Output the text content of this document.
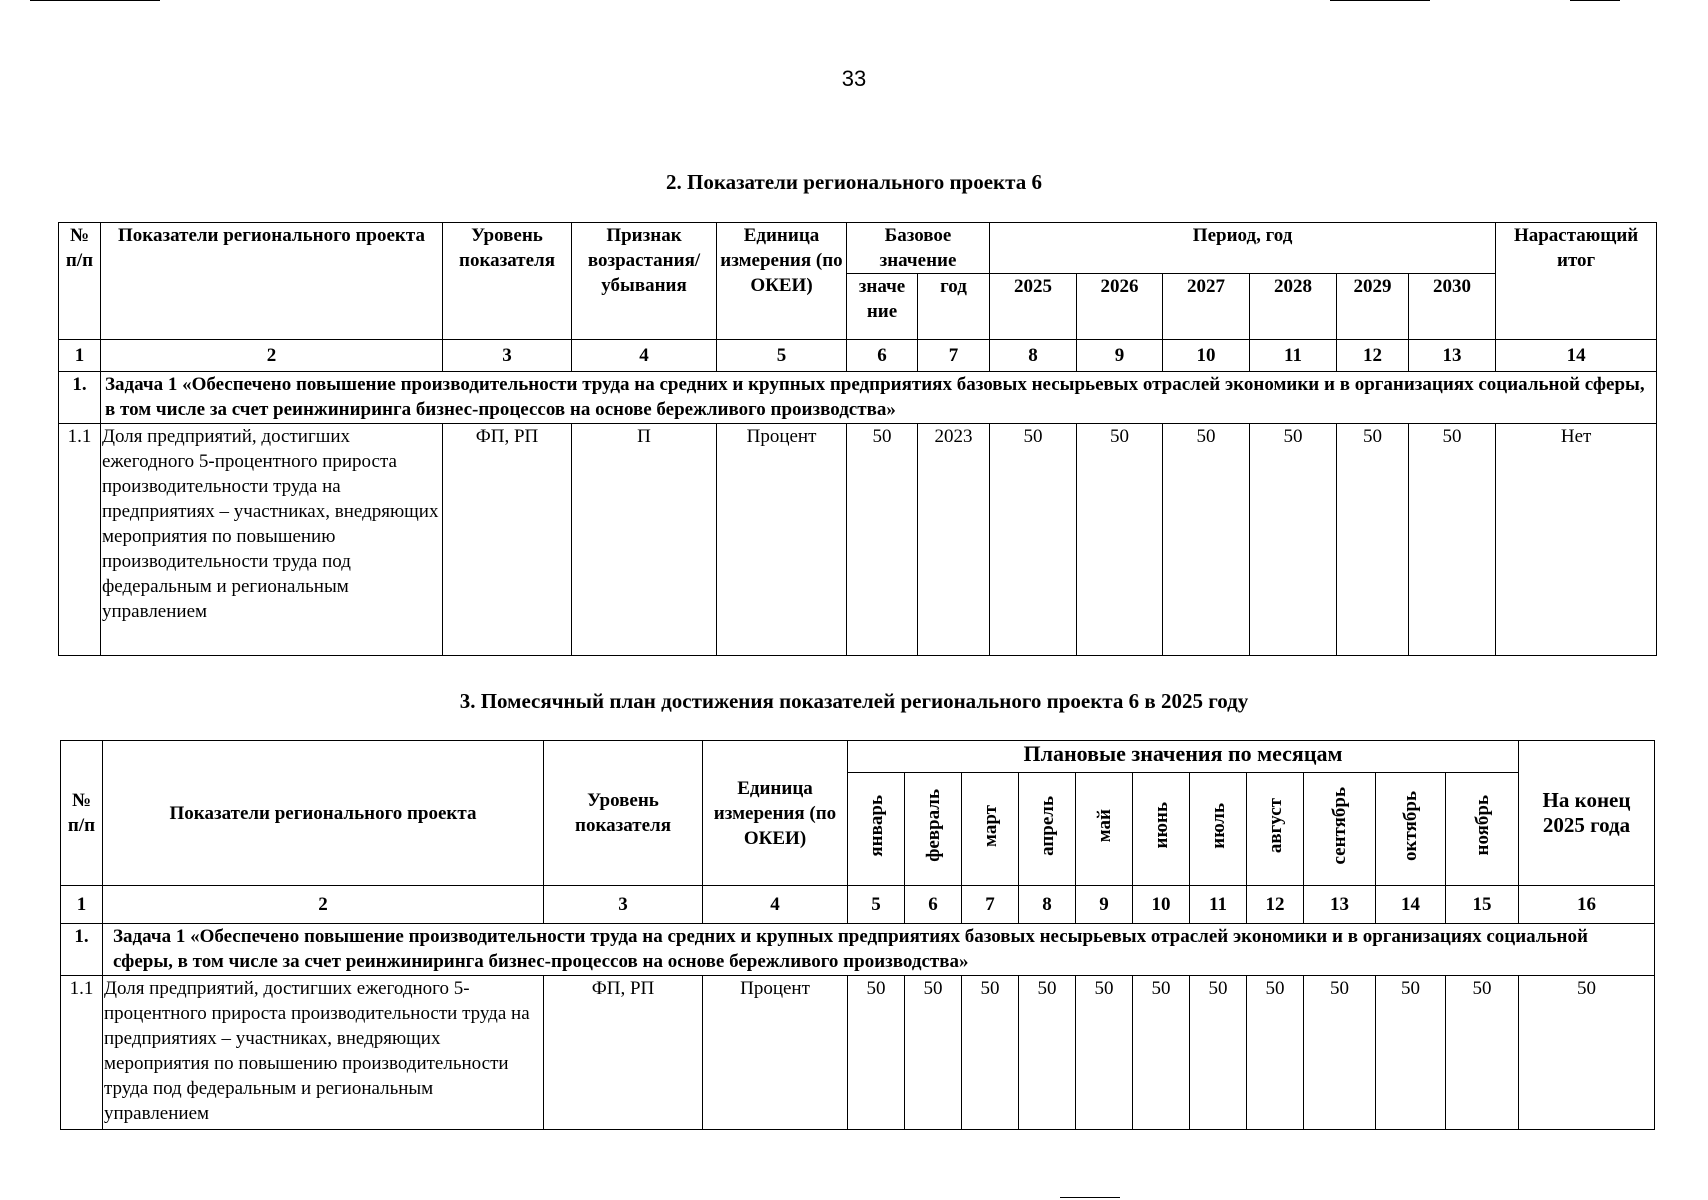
33
2. Показатели регионального проекта 6
№ п/п	Показатели регионального проекта	Уровень показателя	Признак возрастания/ убывания	Единица измерения (по ОКЕИ)	Базовое значение		Период, год						Нарастающий итог
					значе ние	год	2025	2026	2027	2028	2029	2030	
1	2	3	4	5	6	7	8	9	10	11	12	13	14
1.	Задача 1 «Обеспечено повышение производительности труда на средних и крупных предприятиях базовых несырьевых отраслей экономики и в организациях социальной сферы, в том числе за счет реинжиниринга бизнес-процессов на основе бережливого производства»												
1.1	Доля предприятий, достигших ежегодного 5-процентного прироста производительности труда на предприятиях – участниках, внедряющих мероприятия по повышению производительности труда под федеральным и региональным управлением	ФП, РП	П	Процент	50	2023	50	50	50	50	50	50	Нет
3. Помесячный план достижения показателей регионального проекта 6 в 2025 году
№ п/п	Показатели регионального проекта	Уровень показателя	Единица измерения (по ОКЕИ)	Плановые значения по месяцам											На конец 2025 года
				январь	февраль	март	апрель	май	июнь	июль	август	сентябрь	октябрь	ноябрь	
1	2	3	4	5	6	7	8	9	10	11	12	13	14	15	16
1.	Задача 1 «Обеспечено повышение производительности труда на средних и крупных предприятиях базовых несырьевых отраслей экономики и в организациях социальной сферы, в том числе за счет реинжиниринга бизнес-процессов на основе бережливого производства»														
1.1	Доля предприятий, достигших ежегодного 5-процентного прироста производительности труда на предприятиях – участниках, внедряющих мероприятия по повышению производительности труда под федеральным и региональным управлением	ФП, РП	Процент	50	50	50	50	50	50	50	50	50	50	50	50
